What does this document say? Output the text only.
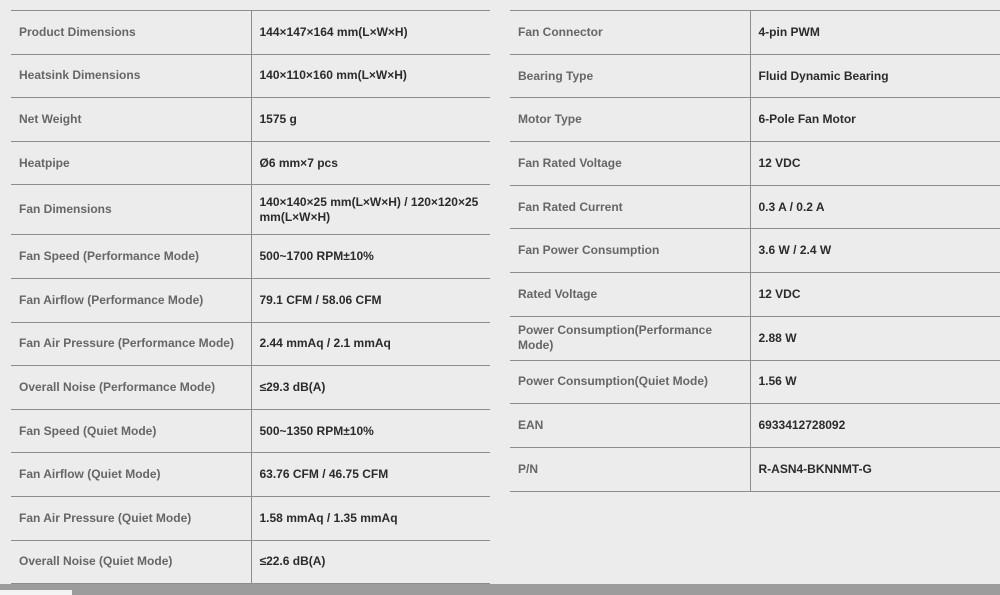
Product Dimensions	144×147×164 mm(L×W×H)
Heatsink Dimensions	140×110×160 mm(L×W×H)
Net Weight	1575 g
Heatpipe	Ø6 mm×7 pcs
Fan Dimensions	140×140×25 mm(L×W×H) / 120×120×25 mm(L×W×H)
Fan Speed (Performance Mode)	500~1700 RPM±10%
Fan Airflow (Performance Mode)	79.1 CFM / 58.06 CFM
Fan Air Pressure (Performance Mode)	2.44 mmAq / 2.1 mmAq
Overall Noise (Performance Mode)	≤29.3 dB(A)
Fan Speed (Quiet Mode)	500~1350 RPM±10%
Fan Airflow (Quiet Mode)	63.76 CFM / 46.75 CFM
Fan Air Pressure (Quiet Mode)	1.58 mmAq / 1.35 mmAq
Overall Noise (Quiet Mode)	≤22.6 dB(A)
Fan Connector	4-pin PWM
Bearing Type	Fluid Dynamic Bearing
Motor Type	6-Pole Fan Motor
Fan Rated Voltage	12 VDC
Fan Rated Current	0.3 A / 0.2 A
Fan Power Consumption	3.6 W / 2.4 W
Rated Voltage	12 VDC
Power Consumption(Performance Mode)	2.88 W
Power Consumption(Quiet Mode)	1.56 W
EAN	6933412728092
P/N	R-ASN4-BKNNMT-G
